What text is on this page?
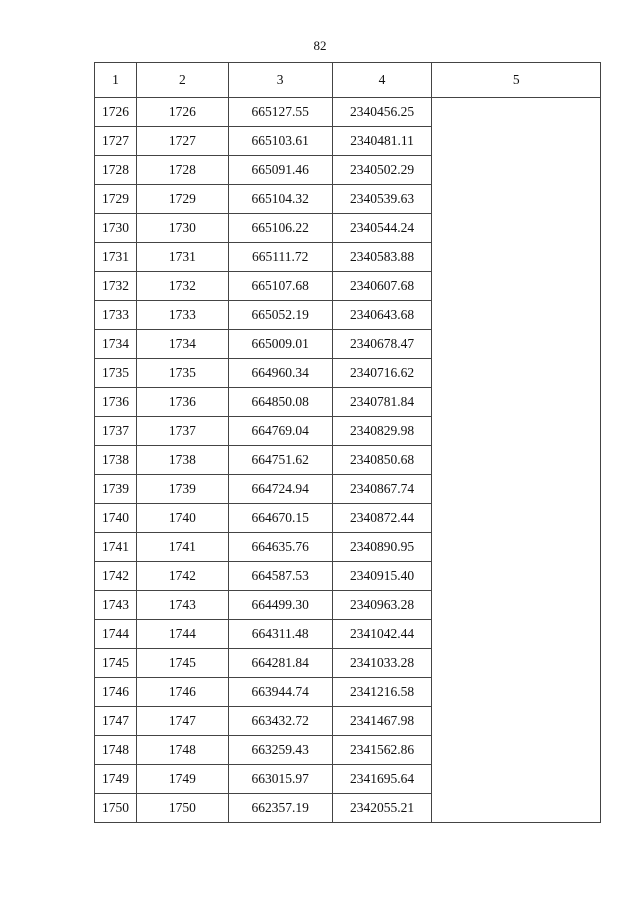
82
1	2	3	4	5
1726	1726	665127.55	2340456.25	
1727	1727	665103.61	2340481.11	
1728	1728	665091.46	2340502.29	
1729	1729	665104.32	2340539.63	
1730	1730	665106.22	2340544.24	
1731	1731	665111.72	2340583.88	
1732	1732	665107.68	2340607.68	
1733	1733	665052.19	2340643.68	
1734	1734	665009.01	2340678.47	
1735	1735	664960.34	2340716.62	
1736	1736	664850.08	2340781.84	
1737	1737	664769.04	2340829.98	
1738	1738	664751.62	2340850.68	
1739	1739	664724.94	2340867.74	
1740	1740	664670.15	2340872.44	
1741	1741	664635.76	2340890.95	
1742	1742	664587.53	2340915.40	
1743	1743	664499.30	2340963.28	
1744	1744	664311.48	2341042.44	
1745	1745	664281.84	2341033.28	
1746	1746	663944.74	2341216.58	
1747	1747	663432.72	2341467.98	
1748	1748	663259.43	2341562.86	
1749	1749	663015.97	2341695.64	
1750	1750	662357.19	2342055.21	
